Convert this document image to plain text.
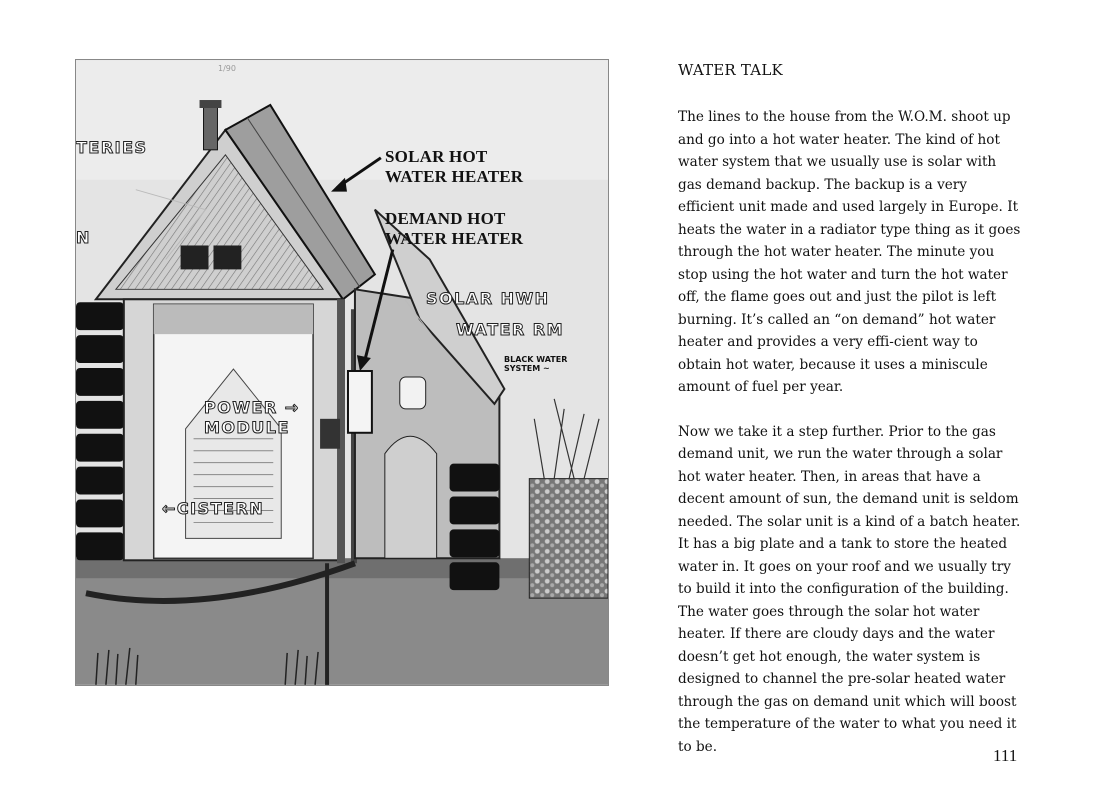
SOLAR HOT
WATER HEATER
DEMAND HOT
WATER HEATER
TERIES
N
SOLAR HWH
WATER RM
BLACK WATER
SYSTEM ~
POWER →
MODULE
←CISTERN
1/90	WATER TALK

The lines to the house from the W.O.M. shoot up and go into a hot water heater. The kind of hot water system that we usually use is solar with gas demand backup. The backup is a very efficient unit made and used largely in Europe. It heats the water in a radiator type thing as it goes through the hot water heater. The minute you stop using the hot water and turn the hot water off, the flame goes out and just the pilot is left burning. It’s called an “on demand” hot water heater and provides a very effi-cient way to obtain hot water, because it uses a miniscule amount of fuel per year.

Now we take it a step further. Prior to the gas demand unit, we run the water through a solar hot water heater. Then, in areas that have a decent amount of sun, the demand unit is seldom needed. The solar unit is a kind of a batch heater. It has a big plate and a tank to store the heated water in. It goes on your roof and we usually try to build it into the configuration of the building. The water goes through the solar hot water heater. If there are cloudy days and the water doesn’t get hot enough, the water system is designed to channel the pre-solar heated water through the gas on demand unit which will boost the temperature of the water to what you need it to be.	111
